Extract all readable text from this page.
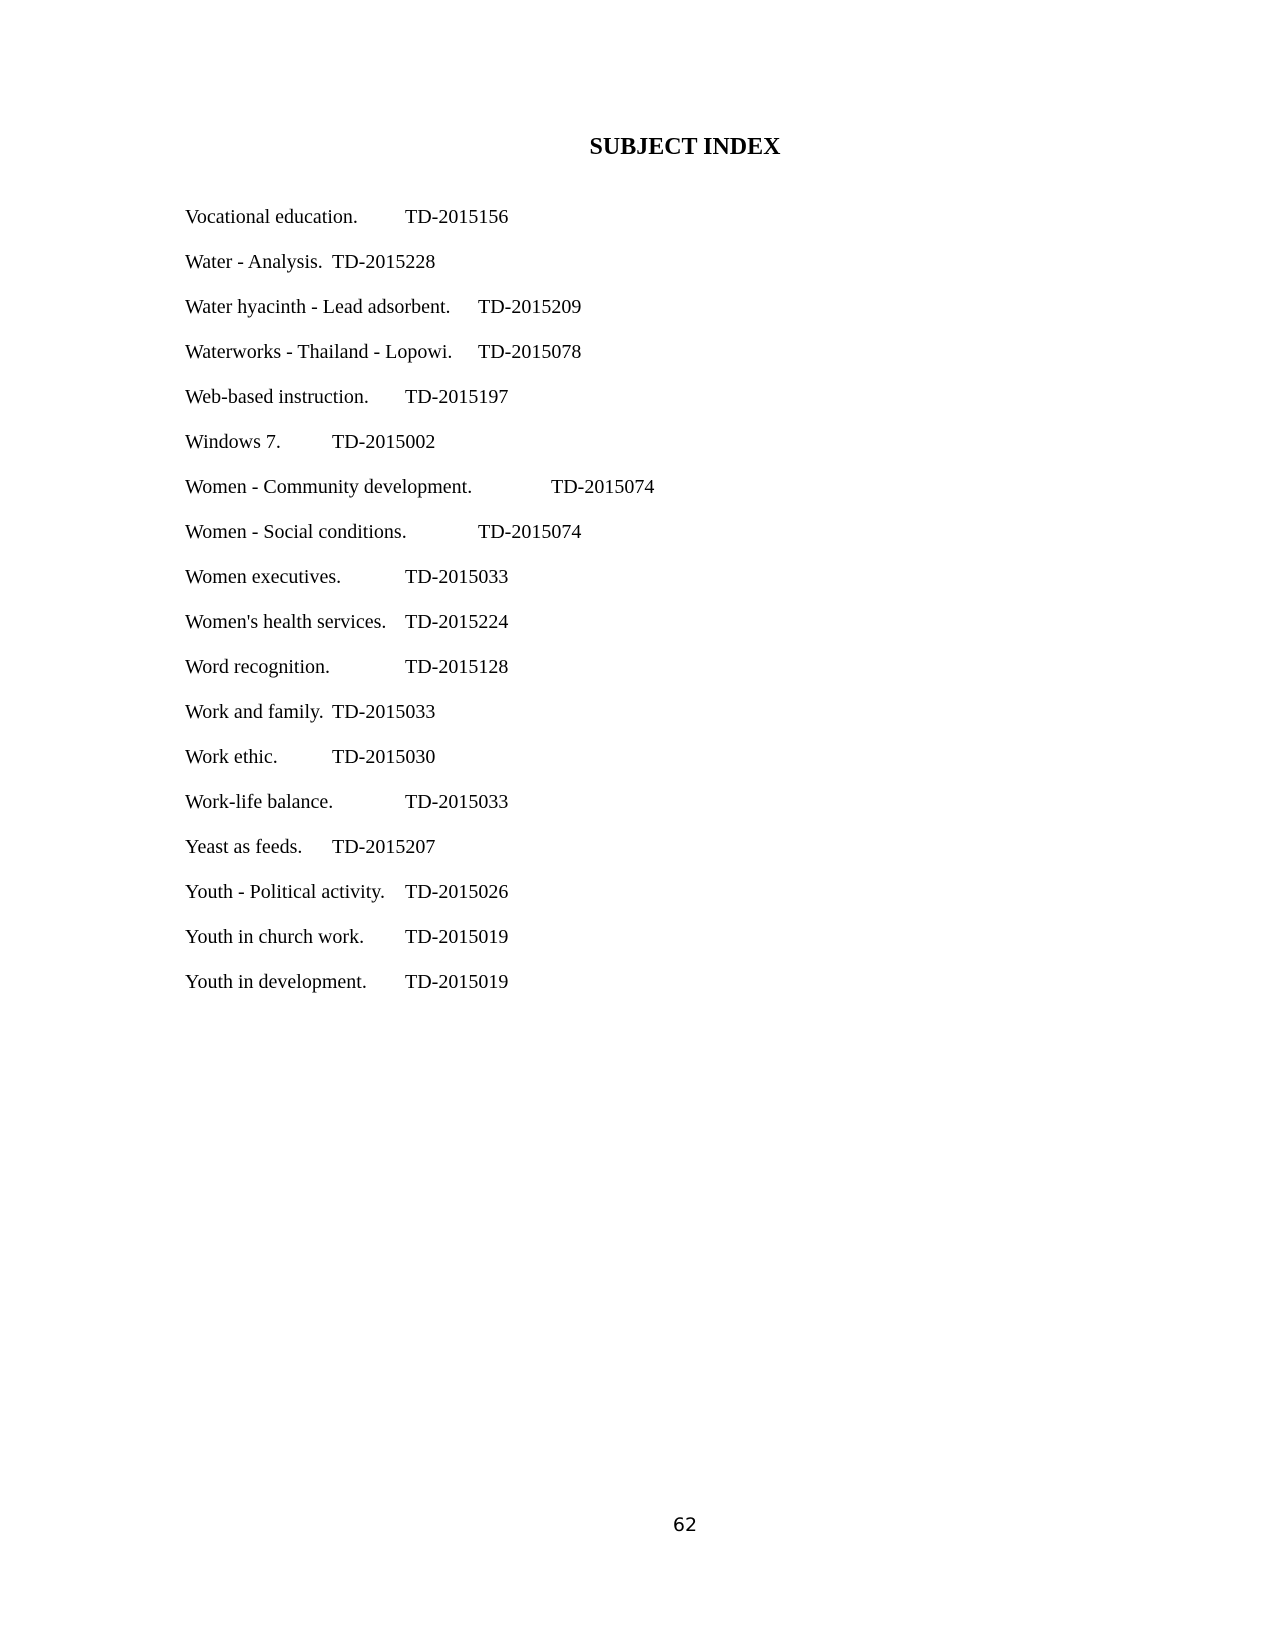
SUBJECT INDEX
Vocational education. TD-2015156
Water - Analysis. TD-2015228
Water hyacinth - Lead adsorbent. TD-2015209
Waterworks - Thailand - Lopowi. TD-2015078
Web-based instruction. TD-2015197
Windows 7.	TD-2015002
Women - Community development.	TD-2015074
Women - Social conditions.	TD-2015074
Women executives.	TD-2015033
Women's health services. TD-2015224
Word recognition.	TD-2015128
Work and family. TD-2015033
Work ethic.	TD-2015030
Work-life balance.	TD-2015033
Yeast as feeds. TD-2015207
Youth - Political activity. TD-2015026
Youth in church work. TD-2015019
Youth in development. TD-2015019
62
